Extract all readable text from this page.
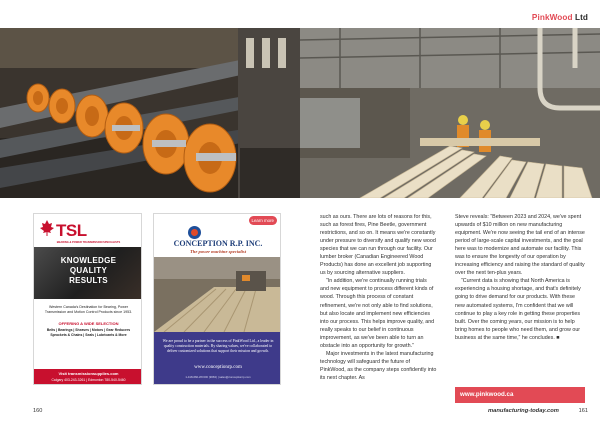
PinkWood Ltd
TSL
BEARING & POWER TRANSMISSION SPECIALISTS
KNOWLEDGE
QUALITY
RESULTS
Western Canada's Destination for Bearing, Power Transmission and Motion Control Products since 1953.
OFFERING A WIDE SELECTION
Belts | Bearings | Sheaves | Motors | Gear Reducers
Sprockets & Chains | Seals | Lubricants & More
Visit transmissionsupplies.com
Calgary 403-243-3261 | Edmonton 780-540-5460
Learn more
CONCEPTION R.P. INC.
The power machine specialist
We are proud to be a partner in the success of PinkWood Ltd., a leader in quality construction materials. By sharing values, we've collaborated to deliver customized solutions that support their mission and growth.
www.conceptionrp.com
1-418-660-WOOD (9663) | sales@conceptionrp.com

such as ours. There are lots of reasons for this, such as forest fires, Pine Beetle, government restrictions, and so on. It means we're constantly under pressure to diversify and qualify new wood species that we can run through our facility. Our lumber broker (Canadian Engineered Wood Products) has done an excellent job supporting us by sourcing alternative suppliers.

“In addition, we're continually running trials and new equipment to process different kinds of wood. Through this process of constant refinement, we're not only able to find solutions, but also locate and implement new efficiencies into our process. This helps improve quality, and really speaks to our belief in continuous improvement, as we've been able to turn an obstacle into an opportunity for growth.”

Major investments in the latest manufacturing technology will safeguard the future of PinkWood, as the company steps confidently into its next chapter. As

Steve reveals: “Between 2023 and 2024, we've spent upwards of $10 million on new manufacturing equipment. We're now seeing the tail end of an intense period of large-scale capital investments, and the goal here was to modernize and automate our facility. This was to ensure the longevity of our operation by increasing efficiency and raising the standard of quality over the next ten-plus years.

“Current data is showing that North America is experiencing a housing shortage, and that's definitely going to drive demand for our products. With these new automated systems, I'm confident that we will continue to play a key role in getting these properties built. Over the coming years, our mission is to help bring homes to people who need them, and grow our business at the same time,” he concludes. ■

www.pinkwood.ca
160	manufacturing-today.com	161
